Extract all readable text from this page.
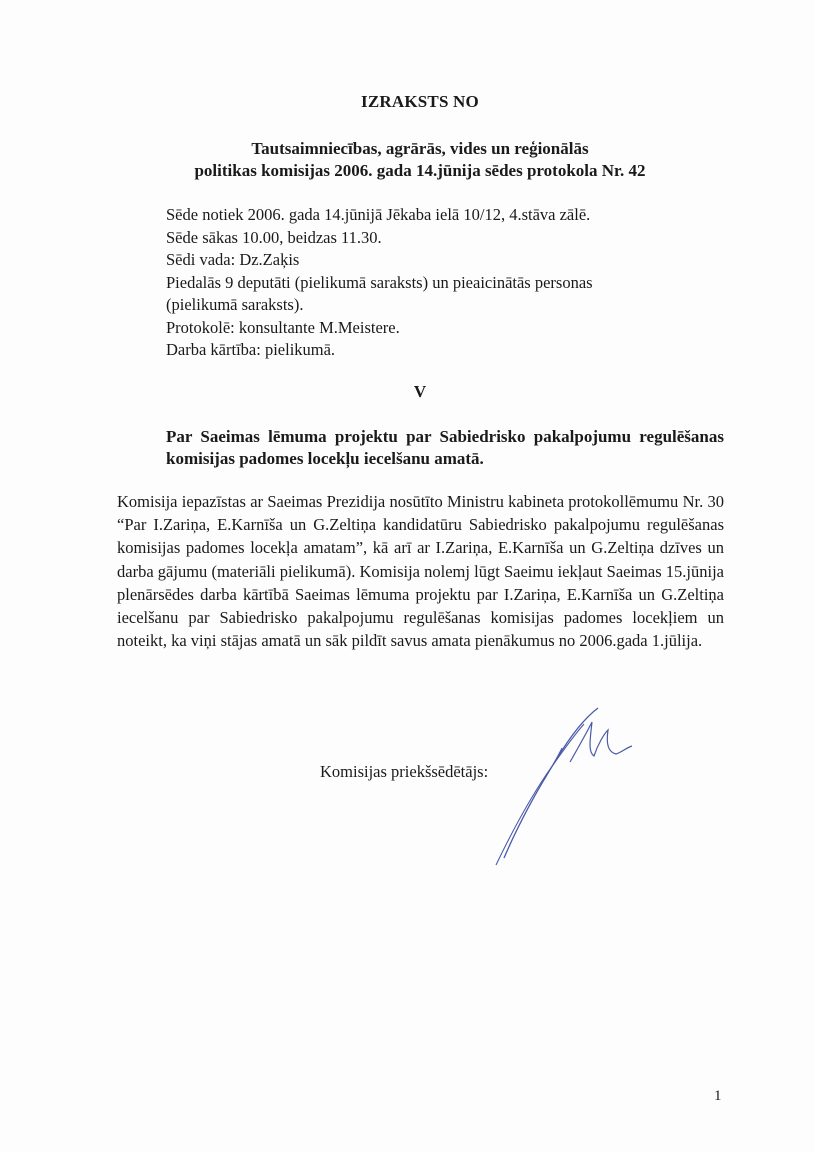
IZRAKSTS NO
Tautsaimniecības, agrārās, vides un reģionālās
politikas komisijas 2006. gada 14.jūnija sēdes protokola Nr. 42
Sēde notiek 2006. gada 14.jūnijā Jēkaba ielā 10/12, 4.stāva zālē.
Sēde sākas 10.00, beidzas 11.30.
Sēdi vada: Dz.Zaķis
Piedalās 9 deputāti (pielikumā saraksts) un pieaicinātās personas
(pielikumā saraksts).
Protokolē: konsultante M.Meistere.
Darba kārtība: pielikumā.
V
Par Saeimas lēmuma projektu par Sabiedrisko pakalpojumu regulēšanas komisijas padomes locekļu iecelšanu amatā.
Komisija iepazīstas ar Saeimas Prezidija nosūtīto Ministru kabineta protokollēmumu Nr. 30 “Par I.Zariņa, E.Karnīša un G.Zeltiņa kandidatūru Sabiedrisko pakalpojumu regulēšanas komisijas padomes locekļa amatam”, kā arī ar I.Zariņa, E.Karnīša un G.Zeltiņa dzīves un darba gājumu (materiāli pielikumā). Komisija nolemj lūgt Saeimu iekļaut Saeimas 15.jūnija plenārsēdes darba kārtībā Saeimas lēmuma projektu par I.Zariņa, E.Karnīša un G.Zeltiņa iecelšanu par Sabiedrisko pakalpojumu regulēšanas komisijas padomes locekļiem un noteikt, ka viņi stājas amatā un sāk pildīt savus amata pienākumus no 2006.gada 1.jūlija.
Komisijas priekšsēdētājs:
1
